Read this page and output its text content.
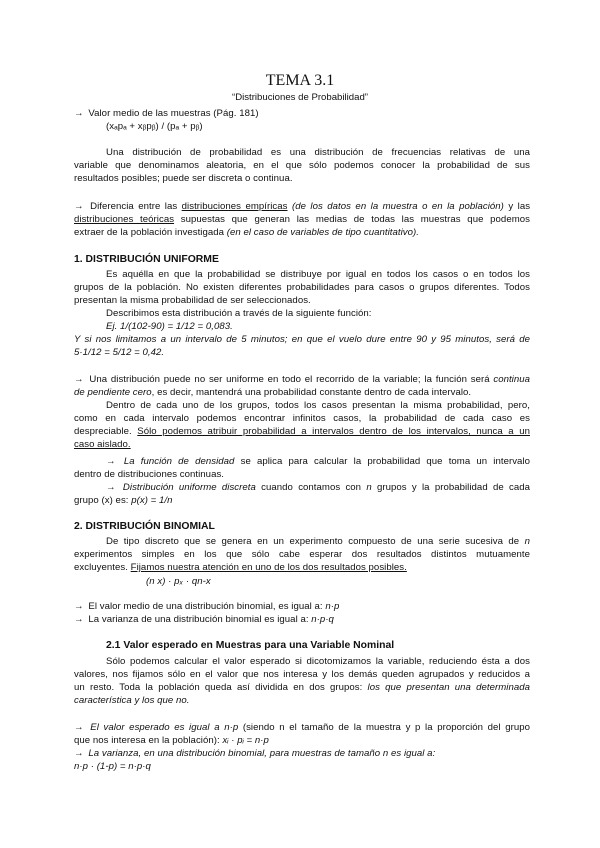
TEMA 3.1
“Distribuciones de Probabilidad”
→ Valor medio de las muestras (Pág. 181)
(xₐpₐ + xᵦpᵦ) / (pₐ + pᵦ)
Una distribución de probabilidad es una distribución de frecuencias relativas de una
variable que denominamos aleatoria, en el que sólo podemos conocer la probabilidad de sus
resultados posibles; puede ser discreta o continua.
→ Diferencia entre las distribuciones empíricas (de los datos en la muestra o en la población) y las
distribuciones teóricas supuestas que generan las medias de todas las muestras que podemos
extraer de la población investigada (en el caso de variables de tipo cuantitativo).
1. DISTRIBUCIÓN UNIFORME
Es aquélla en que la probabilidad se distribuye por igual en todos los casos o en todos los
grupos de la población. No existen diferentes probabilidades para casos o grupos diferentes. Todos
presentan la misma probabilidad de ser seleccionados.
Describimos esta distribución a través de la siguiente función:
Ej. 1/(102-90) = 1/12 = 0,083.
Y si nos limitamos a un intervalo de 5 minutos; en que el vuelo dure entre 90 y 95 minutos, será de
5·1/12 = 5/12 = 0,42.
→ Una distribución puede no ser uniforme en todo el recorrido de la variable; la función será continua
de pendiente cero, es decir, mantendrá una probabilidad constante dentro de cada intervalo.
Dentro de cada uno de los grupos, todos los casos presentan la misma probabilidad, pero,
como en cada intervalo podemos encontrar infinitos casos, la probabilidad de cada caso es
despreciable. Sólo podemos atribuir probabilidad a intervalos dentro de los intervalos, nunca a un
caso aislado.
→ La función de densidad se aplica para calcular la probabilidad que toma un intervalo
dentro de distribuciones continuas.
→ Distribución uniforme discreta cuando contamos con n grupos y la probabilidad de cada
grupo (x) es: p(x) = 1/n
2. DISTRIBUCIÓN BINOMIAL
De tipo discreto que se genera en un experimento compuesto de una serie sucesiva de n
experimentos simples en los que sólo cabe esperar dos resultados distintos mutuamente
excluyentes. Fijamos nuestra atención en uno de los dos resultados posibles.
(n x) · pₓ · qn-x
→ El valor medio de una distribución binomial, es igual a: n·p
→ La varianza de una distribución binomial es igual a: n·p·q
2.1 Valor esperado en Muestras para una Variable Nominal
Sólo podemos calcular el valor esperado si dicotomizamos la variable, reduciendo ésta a dos
valores, nos fijamos sólo en el valor que nos interesa y los demás queden agrupados y reducidos a
un resto. Toda la población queda así dividida en dos grupos: los que presentan una determinada
característica y los que no.
→ El valor esperado es igual a n·p (siendo n el tamaño de la muestra y p la proporción del grupo
que nos interesa en la población): xᵢ · pᵢ = n·p
→ La varianza, en una distribución binomial, para muestras de tamaño n es igual a:
n·p · (1-p) = n·p·q
